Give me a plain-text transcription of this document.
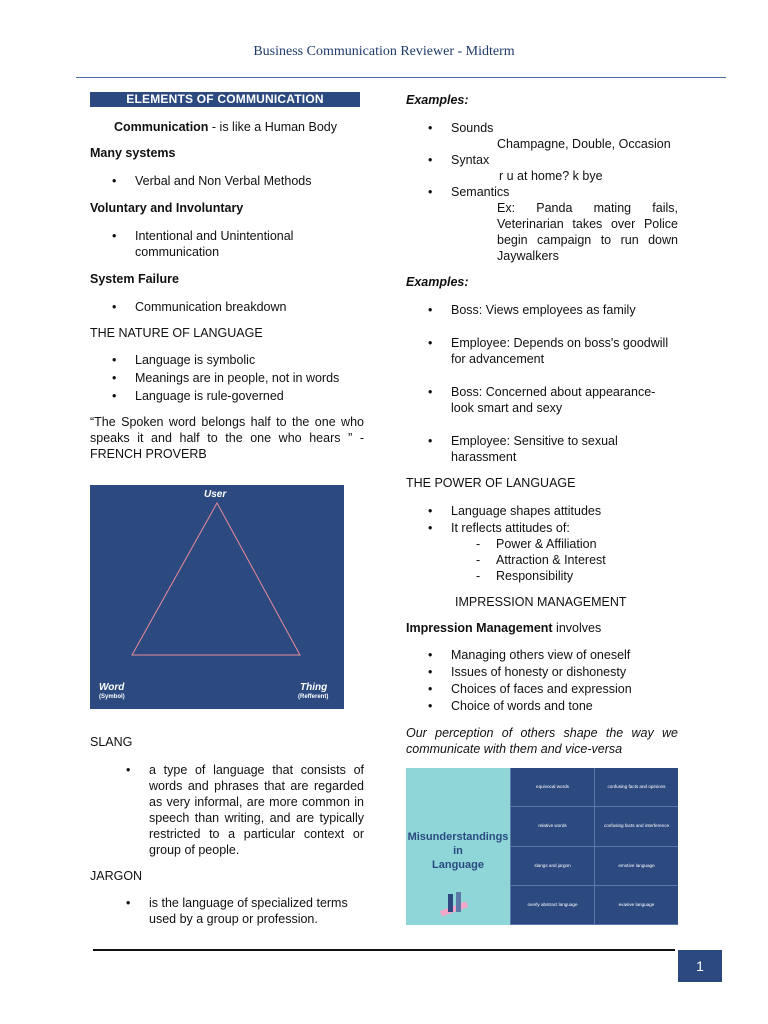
Business Communication Reviewer - Midterm
ELEMENTS OF COMMUNICATION

Communication - is like a Human Body

Many systems

• Verbal and Non Verbal Methods

Voluntary and Involuntary

• Intentional and Unintentional communication

System Failure

• Communication breakdown

THE NATURE OF LANGUAGE

• Language is symbolic
• Meanings are in people, not in words
• Language is rule-governed

“The Spoken word belongs half to the one who speaks it and half to the one who hears ” - FRENCH PROVERB

User
Word
(Symbol)
Thing
(Refferent)

SLANG

• a type of language that consists of words and phrases that are regarded as very informal, are more common in speech than writing, and are typically restricted to a particular context or group of people.

JARGON

• is the language of specialized terms used by a group or profession.

Examples:

• Sounds
Champagne, Double, Occasion
• Syntax
r u at home? k bye
• Semantics
Ex: Panda mating fails, Veterinarian takes over Police begin campaign to run down Jaywalkers

Examples:

• Boss: Views employees as family
• Employee: Depends on boss's goodwill for advancement
• Boss: Concerned about appearance- look smart and sexy
• Employee: Sensitive to sexual harassment

THE POWER OF LANGUAGE

• Language shapes attitudes
• It reflects attitudes of:
- Power & Affiliation
- Attraction & Interest
- Responsibility

IMPRESSION MANAGEMENT

Impression Management involves

• Managing others view of oneself
• Issues of honesty or dishonesty
• Choices of faces and expression
• Choice of words and tone

Our perception of others shape the way we communicate with them and vice-versa

Misunderstandings
in
Language
equivocal words	confusing facts and opinions
relative words	confusing facts and interference
slangs and jargon	emotive language
overly abstract language	evasive language
1
